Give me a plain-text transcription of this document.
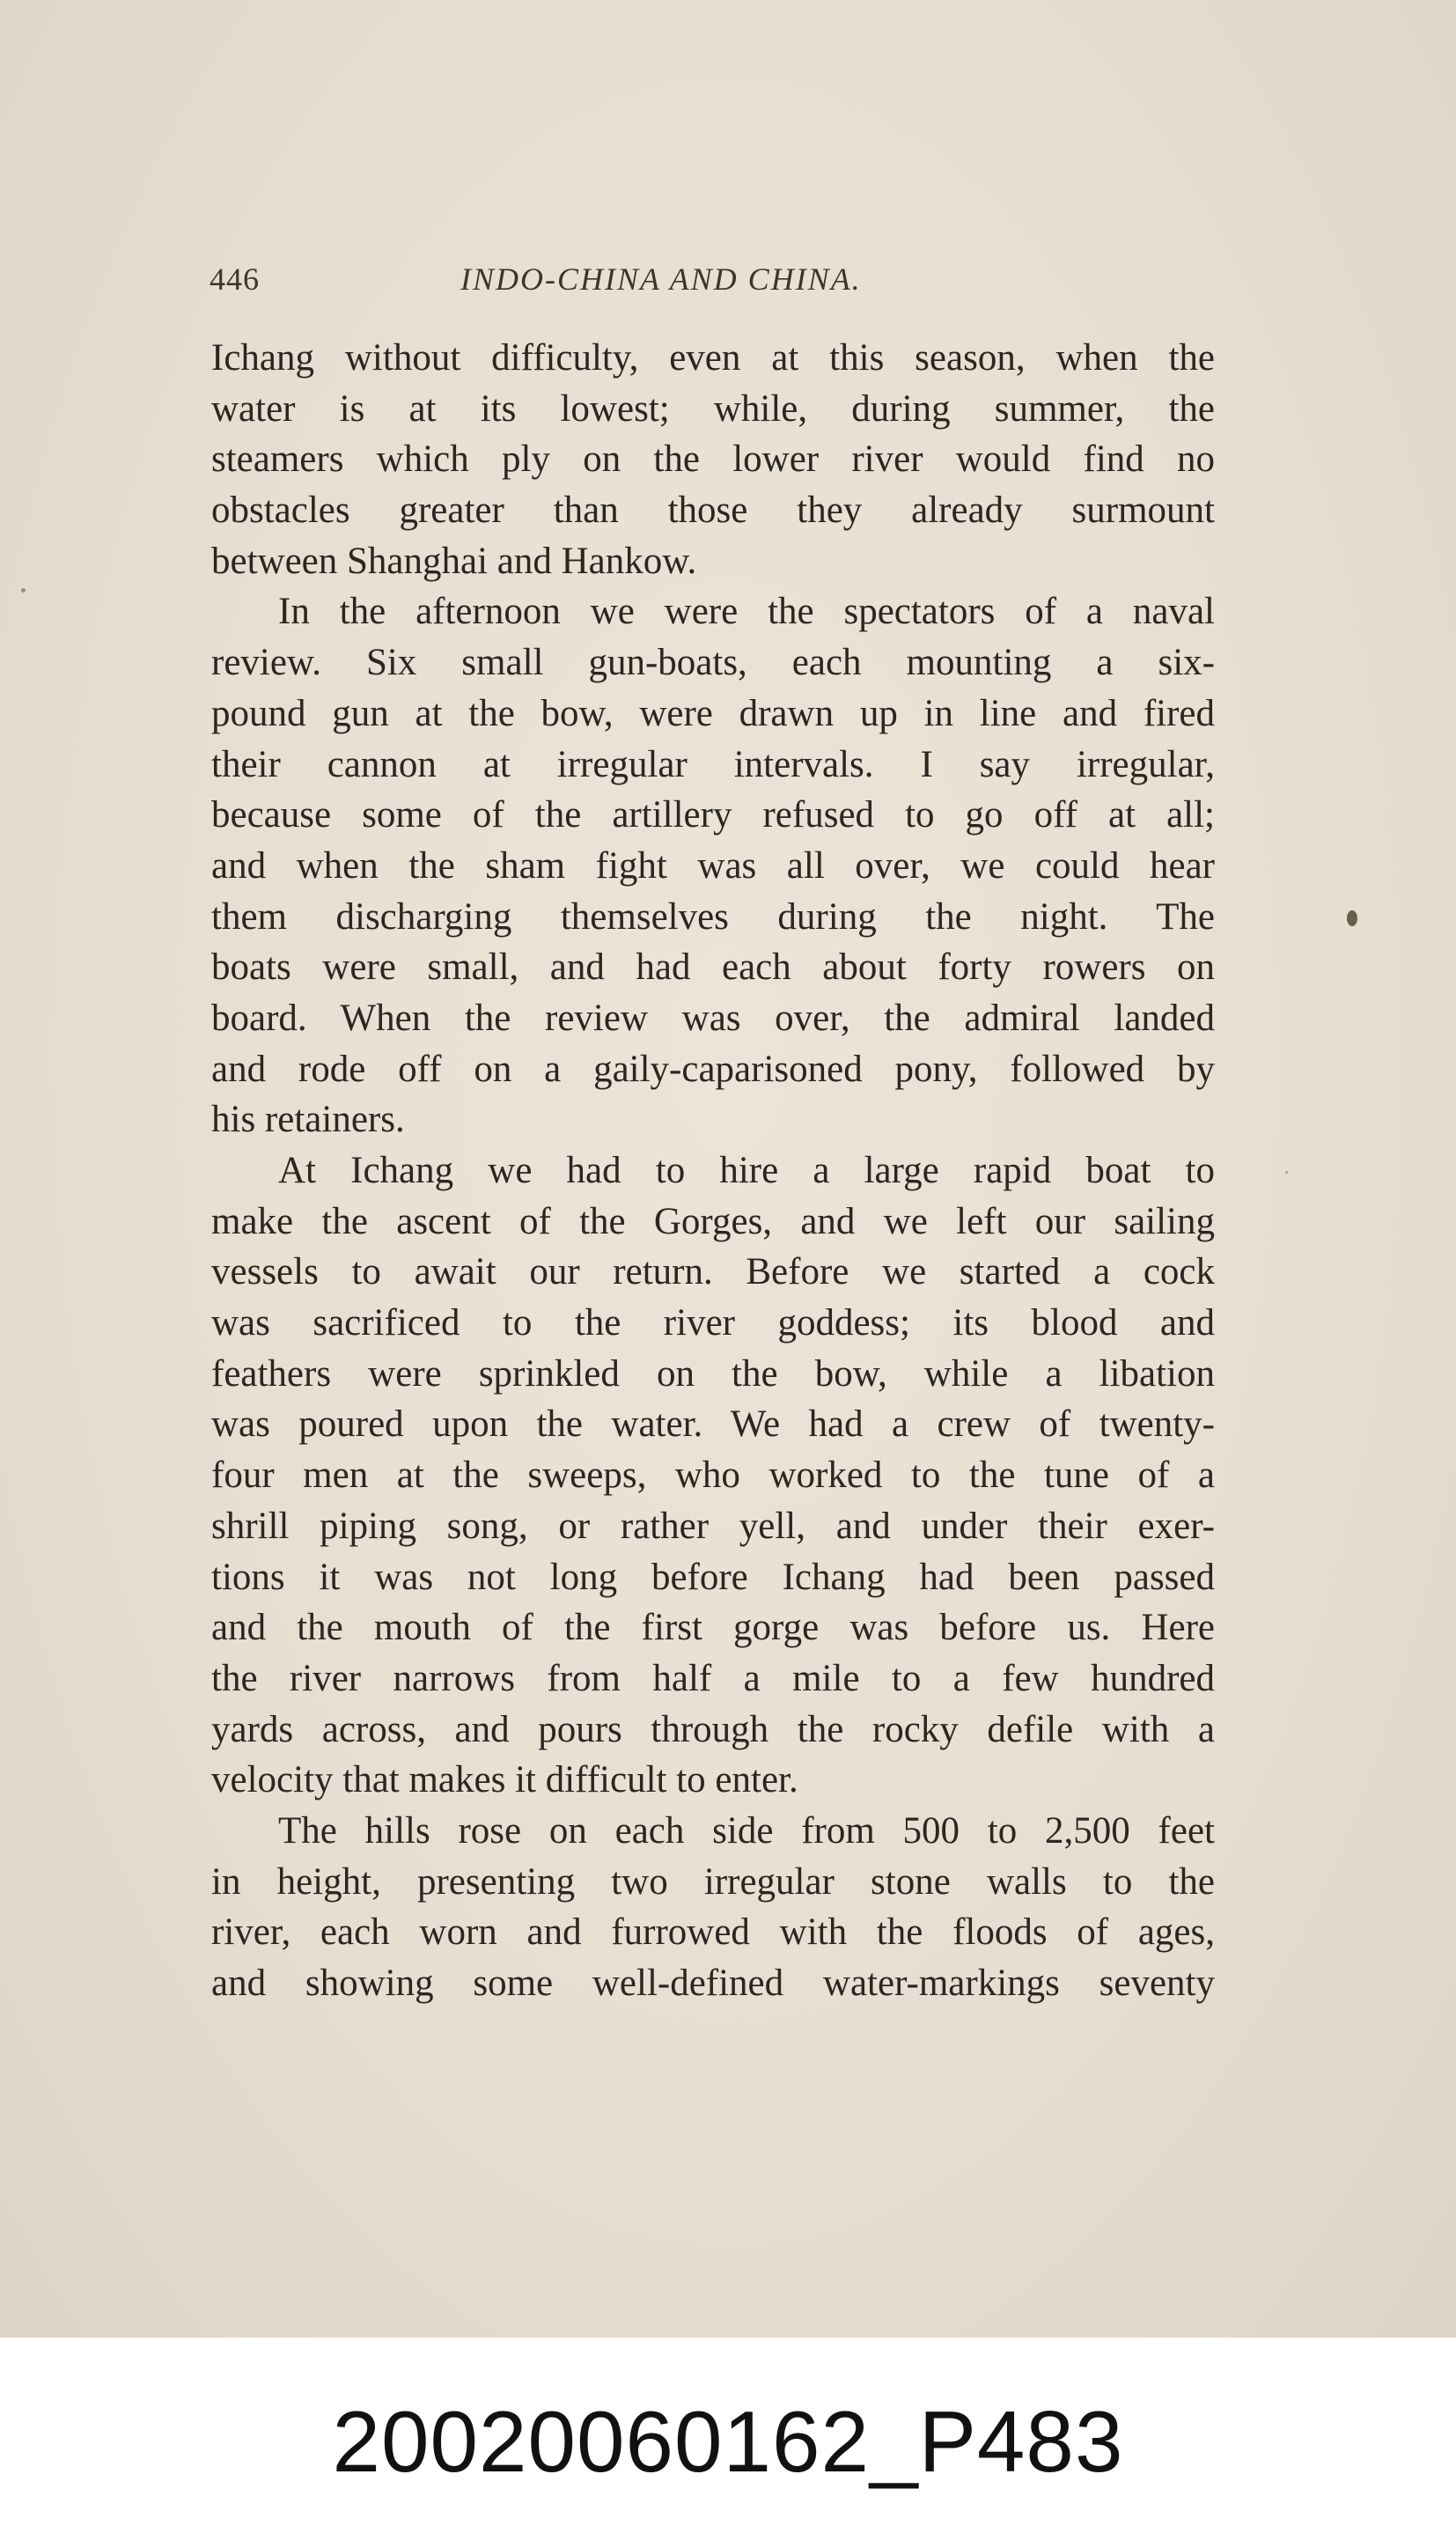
446	INDO-CHINA AND CHINA.
Ichang without difficulty, even at this season, when the
water is at its lowest; while, during summer, the
steamers which ply on the lower river would find no
obstacles greater than those they already surmount
between Shanghai and Hankow.
In the afternoon we were the spectators of a naval
review. Six small gun-boats, each mounting a six-
pound gun at the bow, were drawn up in line and fired
their cannon at irregular intervals. I say irregular,
because some of the artillery refused to go off at all;
and when the sham fight was all over, we could hear
them discharging themselves during the night. The
boats were small, and had each about forty rowers on
board. When the review was over, the admiral landed
and rode off on a gaily-caparisoned pony, followed by
his retainers.
At Ichang we had to hire a large rapid boat to
make the ascent of the Gorges, and we left our sailing
vessels to await our return. Before we started a cock
was sacrificed to the river goddess; its blood and
feathers were sprinkled on the bow, while a libation
was poured upon the water. We had a crew of twenty-
four men at the sweeps, who worked to the tune of a
shrill piping song, or rather yell, and under their exer-
tions it was not long before Ichang had been passed
and the mouth of the first gorge was before us. Here
the river narrows from half a mile to a few hundred
yards across, and pours through the rocky defile with a
velocity that makes it difficult to enter.
The hills rose on each side from 500 to 2,500 feet
in height, presenting two irregular stone walls to the
river, each worn and furrowed with the floods of ages,
and showing some well-defined water-markings seventy
20020060162_P483
